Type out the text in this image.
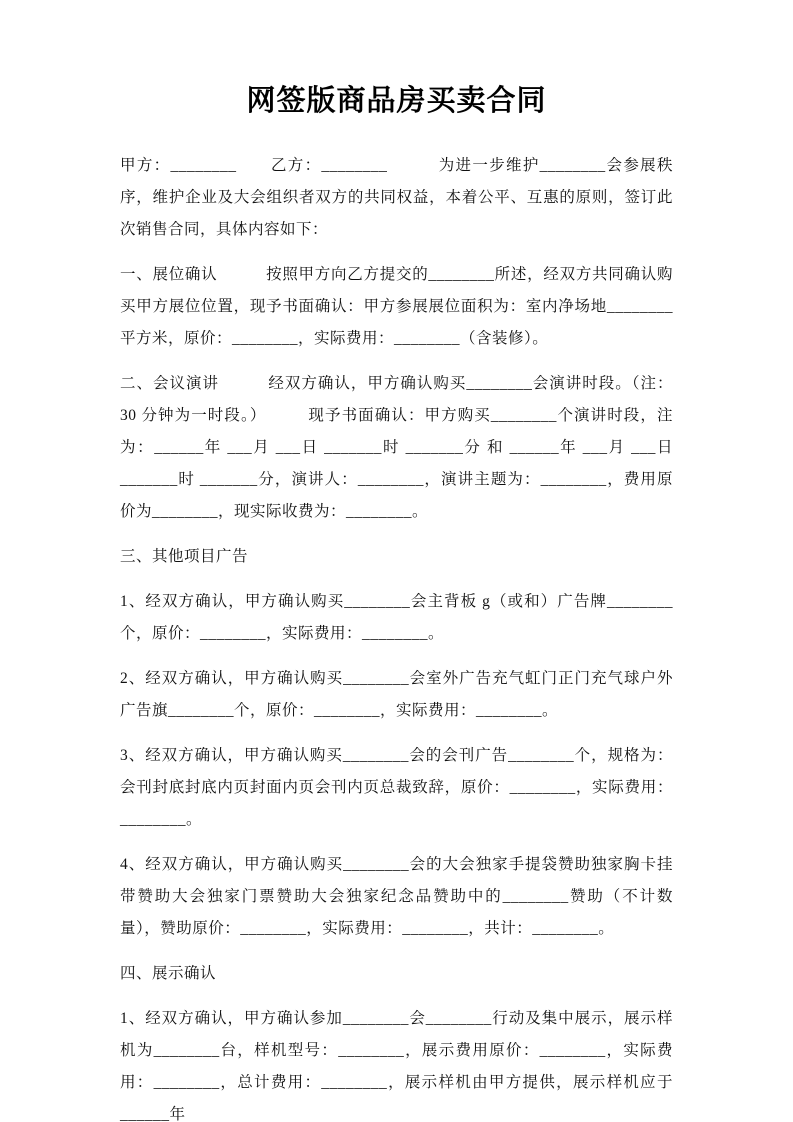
网签版商品房买卖合同

甲方：________　　乙方：________　　　为进一步维护________会参展秩序，维护企业及大会组织者双方的共同权益，本着公平、互惠的原则，签订此次销售合同，具体内容如下：

一、展位确认　　　按照甲方向乙方提交的________所述，经双方共同确认购买甲方展位位置，现予书面确认：甲方参展展位面积为：室内净场地________平方米，原价：________，实际费用：________（含装修）。

二、会议演讲　　　经双方确认，甲方确认购买________会演讲时段。（注：30 分钟为一时段。）　　　现予书面确认：甲方购买________个演讲时段，注为：______年 ___月 ___日 _______时 _______分 和 ______年 ___月 ___日 _______时 _______分，演讲人：________，演讲主题为：________，费用原价为________，现实际收费为：________。

三、其他项目广告

1、经双方确认，甲方确认购买________会主背板 g（或和）广告牌________个，原价：________，实际费用：________。

2、经双方确认，甲方确认购买________会室外广告充气虹门正门充气球户外广告旗________个，原价：________，实际费用：________。

3、经双方确认，甲方确认购买________会的会刊广告________个，规格为：会刊封底封底内页封面内页会刊内页总裁致辞，原价：________，实际费用：________。

4、经双方确认，甲方确认购买________会的大会独家手提袋赞助独家胸卡挂带赞助大会独家门票赞助大会独家纪念品赞助中的________赞助（不计数量），赞助原价：________，实际费用：________，共计：________。

四、展示确认

1、经双方确认，甲方确认参加________会________行动及集中展示，展示样机为________台，样机型号：________，展示费用原价：________，实际费用：________，总计费用：________，展示样机由甲方提供，展示样机应于______年
